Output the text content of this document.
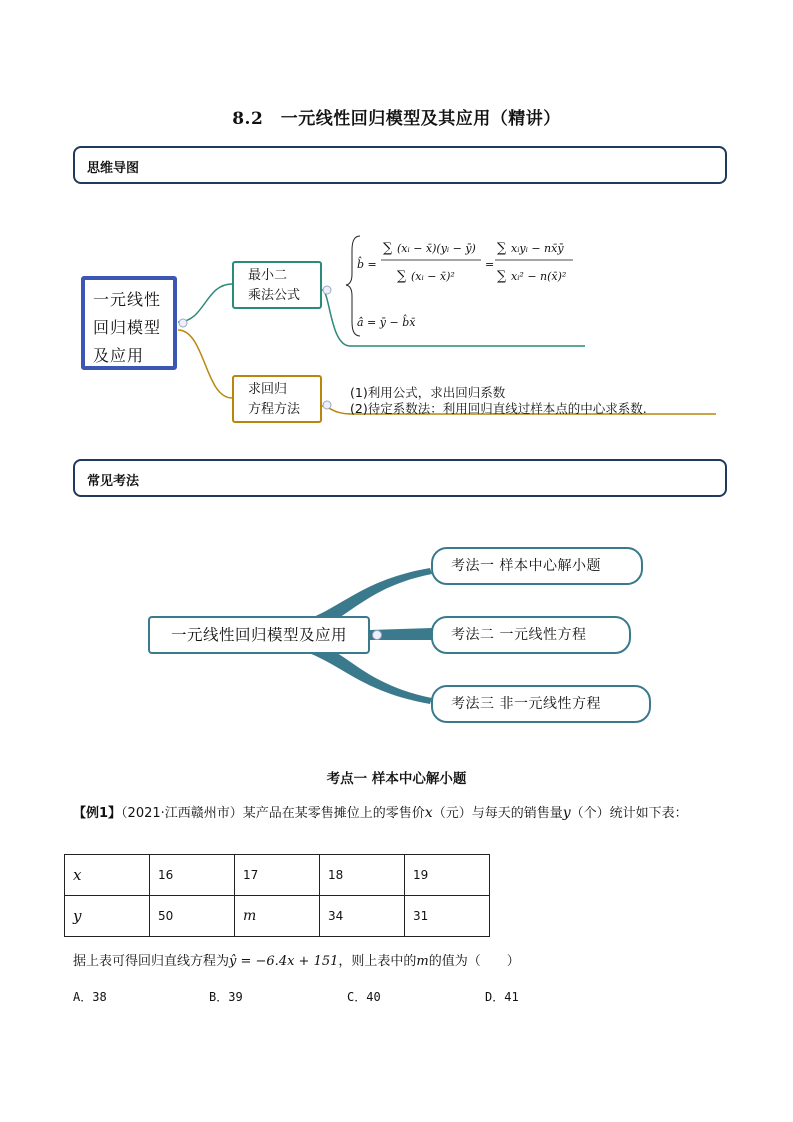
8.2　一元线性回归模型及其应用（精讲）
思维导图
一元线性
回归模型
及应用
最小二
乘法公式
求回归
方程方法
b̂ =
∑ (xᵢ − x̄)(yᵢ − ȳ)
∑ (xᵢ − x̄)²
=
∑ xᵢyᵢ − nx̄ȳ
∑ xᵢ² − n(x̄)²
â = ȳ − b̂x̄
(1)利用公式，求出回归系数
(2)待定系数法：利用回归直线过样本点的中心求系数.
常见考法
一元线性回归模型及应用
考法一 样本中心解小题
考法二 一元线性方程
考法三 非一元线性方程
考点一 样本中心解小题
【例1】（2021·江西赣州市）某产品在某零售摊位上的零售价x（元）与每天的销售量y（个）统计如下表：
x	16	17	18	19
y	50	m	34	31
据上表可得回归直线方程为ŷ = −6.4x + 151，则上表中的m的值为（　　）
A．38	B．39	C．40	D．41
